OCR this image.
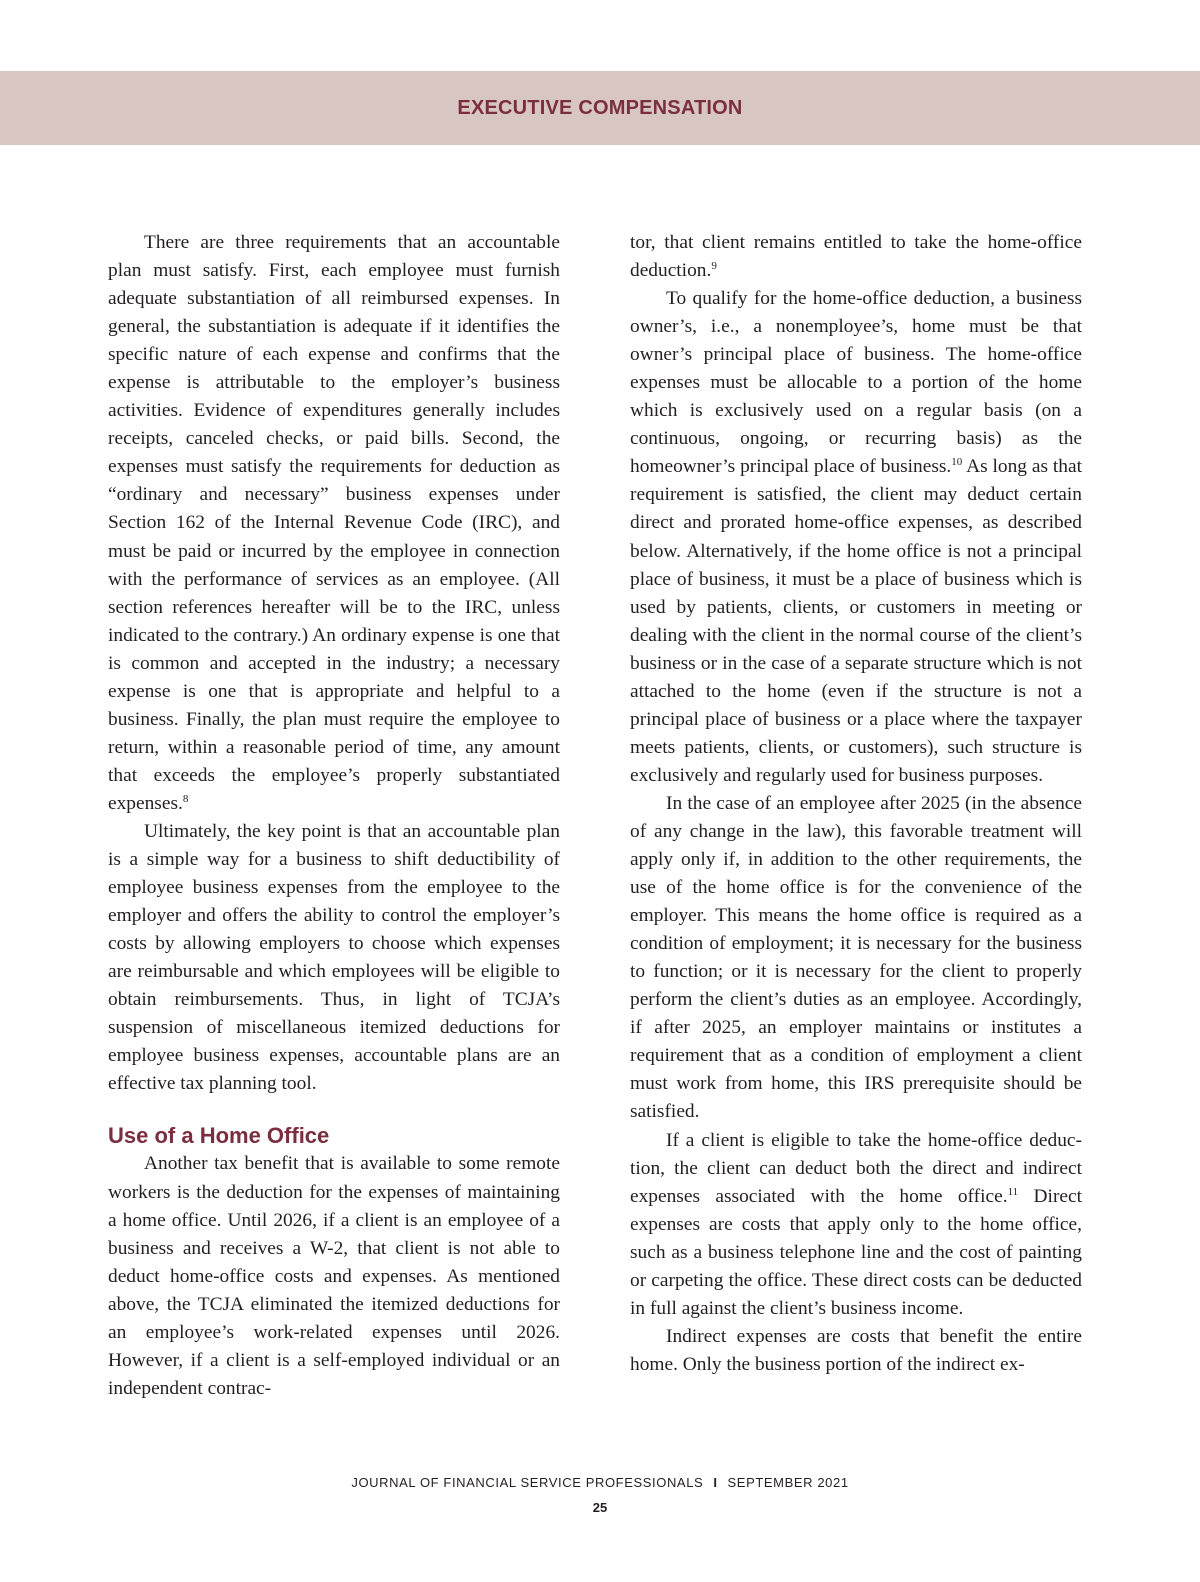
EXECUTIVE COMPENSATION

There are three requirements that an accountable plan must satisfy. First, each employee must furnish adequate substantiation of all reimbursed expenses. In general, the substantiation is adequate if it identifies the specific nature of each expense and confirms that the expense is attributable to the employer’s business activities. Evidence of expenditures generally includes receipts, canceled checks, or paid bills. Second, the expenses must satisfy the requirements for deduction as “ordinary and necessary” business expenses under Section 162 of the Internal Revenue Code (IRC), and must be paid or incurred by the employee in connection with the performance of services as an employee. (All section references hereafter will be to the IRC, unless indicated to the contrary.) An ordinary expense is one that is common and accepted in the industry; a necessary expense is one that is appropriate and helpful to a business. Finally, the plan must require the employee to return, within a reasonable period of time, any amount that exceeds the employee’s properly substantiated expenses.$^8$

Ultimately, the key point is that an accountable plan is a simple way for a business to shift deductibility of employee business expenses from the employee to the employer and offers the ability to control the employer’s costs by allowing employers to choose which expenses are reimbursable and which employees will be eligible to obtain reimbursements. Thus, in light of TCJA’s suspension of miscellaneous itemized deductions for employee business expenses, accountable plans are an effective tax planning tool.

Use of a Home Office

Another tax benefit that is available to some remote workers is the deduction for the expenses of maintaining a home office. Until 2026, if a client is an employee of a business and receives a W-2, that client is not able to deduct home-office costs and expenses. As mentioned above, the TCJA eliminated the itemized deductions for an employee’s work-related expenses until 2026. However, if a client is a self-employed individual or an independent contrac-

tor, that client remains entitled to take the home-office deduction.$^9$

To qualify for the home-office deduction, a business owner’s, i.e., a nonemployee’s, home must be that owner’s principal place of business. The home-office expenses must be allocable to a portion of the home which is exclusively used on a regular basis (on a continuous, ongoing, or recurring basis) as the homeowner’s principal place of business.$^{10}$ As long as that requirement is satisfied, the client may deduct certain direct and prorated home-office expenses, as described below. Alternatively, if the home office is not a principal place of business, it must be a place of business which is used by patients, clients, or customers in meeting or dealing with the client in the normal course of the client’s business or in the case of a separate structure which is not attached to the home (even if the structure is not a principal place of business or a place where the taxpayer meets patients, clients, or customers), such structure is exclusively and regularly used for business purposes.

In the case of an employee after 2025 (in the absence of any change in the law), this favorable treatment will apply only if, in addition to the other requirements, the use of the home office is for the convenience of the employer. This means the home office is required as a condition of employment; it is necessary for the business to function; or it is necessary for the client to properly perform the client’s duties as an employee. Accordingly, if after 2025, an employer maintains or institutes a requirement that as a condition of employment a client must work from home, this IRS prerequisite should be satisfied.

If a client is eligible to take the home-office deduction, the client can deduct both the direct and indirect expenses associated with the home office.$^{11}$ Direct expenses are costs that apply only to the home office, such as a business telephone line and the cost of painting or carpeting the office. These direct costs can be deducted in full against the client’s business income.

Indirect expenses are costs that benefit the entire home. Only the business portion of the indirect ex-

JOURNAL OF FINANCIAL SERVICE PROFESSIONALS I SEPTEMBER 2021
25
